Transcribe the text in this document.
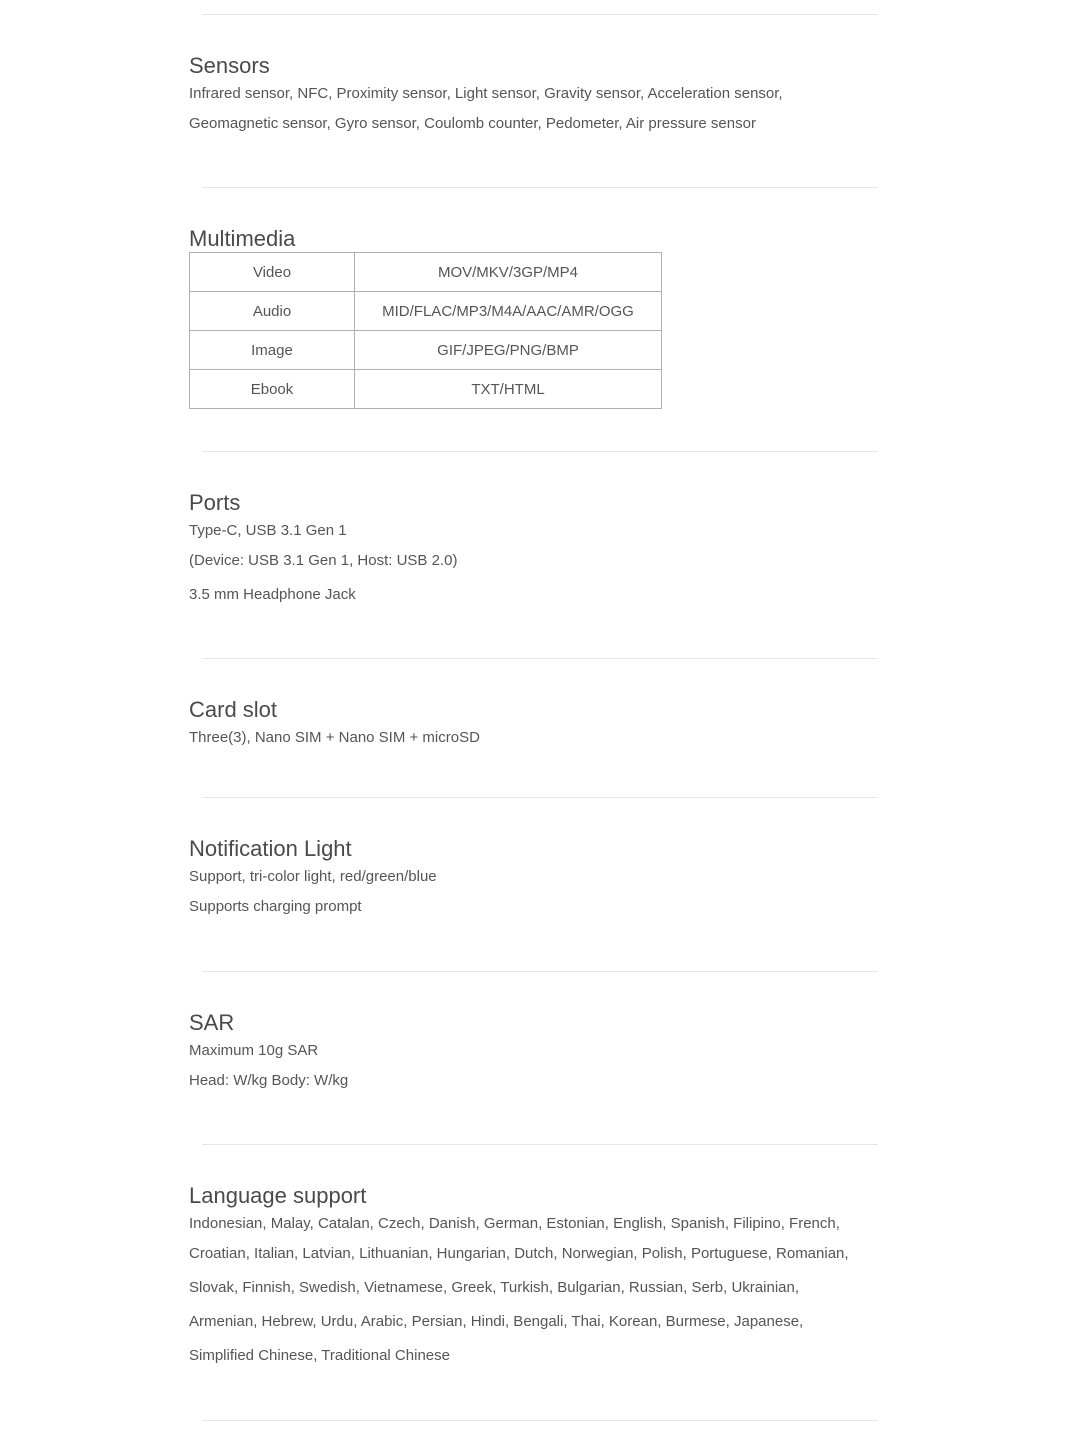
Sensors
Infrared sensor, NFC, Proximity sensor, Light sensor, Gravity sensor, Acceleration sensor,
Geomagnetic sensor, Gyro sensor, Coulomb counter, Pedometer, Air pressure sensor
Multimedia
Video	MOV/MKV/3GP/MP4
Audio	MID/FLAC/MP3/M4A/AAC/AMR/OGG
Image	GIF/JPEG/PNG/BMP
Ebook	TXT/HTML
Ports
Type-C, USB 3.1 Gen 1
(Device: USB 3.1 Gen 1, Host: USB 2.0)
3.5 mm Headphone Jack
Card slot
Three(3), Nano SIM + Nano SIM + microSD
Notification Light
Support, tri-color light, red/green/blue
Supports charging prompt
SAR
Maximum 10g SAR
Head: W/kg Body: W/kg
Language support
Indonesian, Malay, Catalan, Czech, Danish, German, Estonian, English, Spanish, Filipino, French,
Croatian, Italian, Latvian, Lithuanian, Hungarian, Dutch, Norwegian, Polish, Portuguese, Romanian,
Slovak, Finnish, Swedish, Vietnamese, Greek, Turkish, Bulgarian, Russian, Serb, Ukrainian,
Armenian, Hebrew, Urdu, Arabic, Persian, Hindi, Bengali, Thai, Korean, Burmese, Japanese,
Simplified Chinese, Traditional Chinese
